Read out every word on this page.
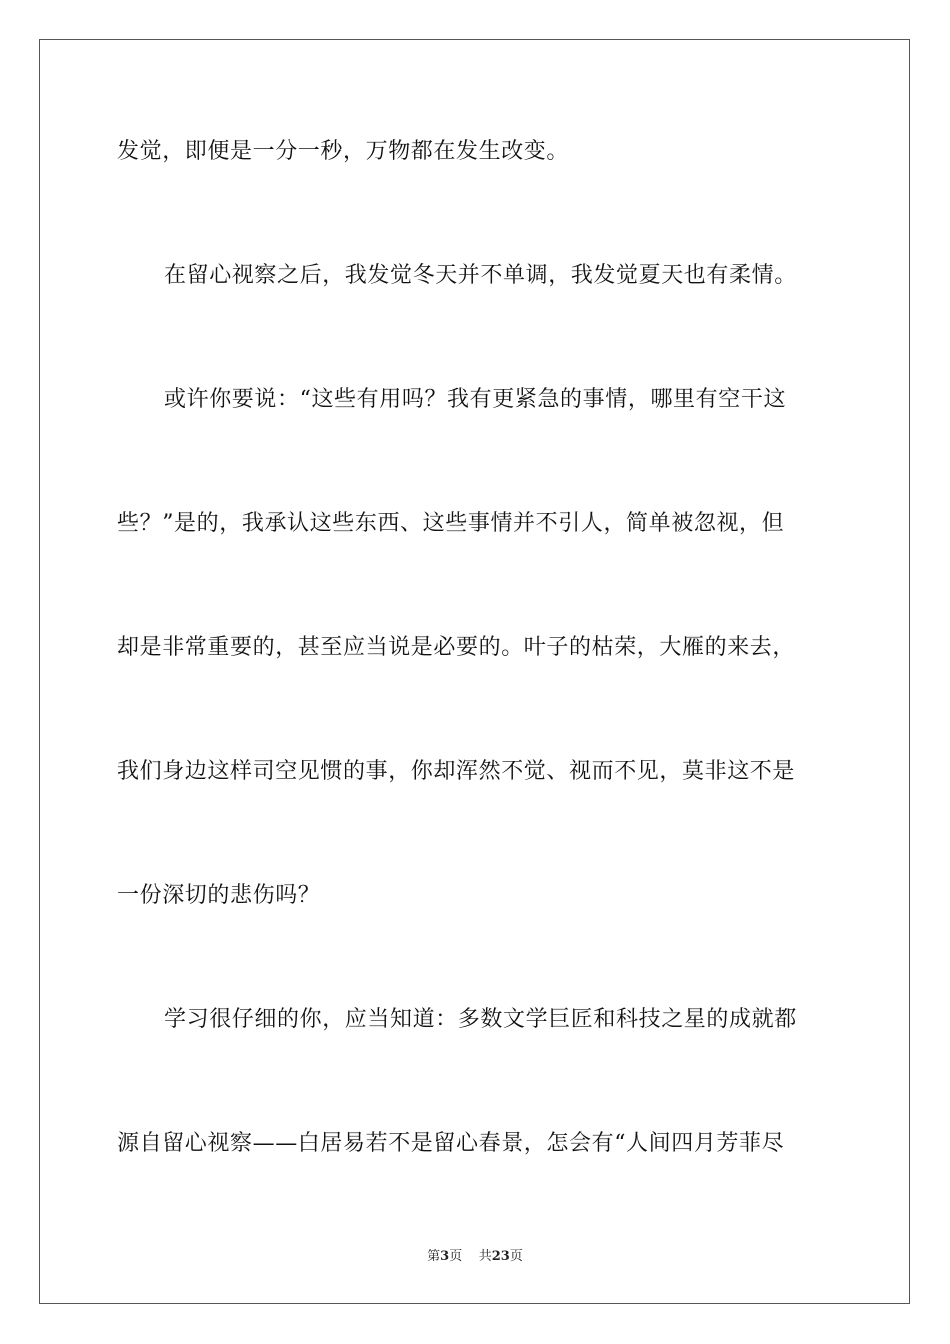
发觉，即便是一分一秒，万物都在发生改变。
在留心视察之后，我发觉冬天并不单调，我发觉夏天也有柔情。
或许你要说：“这些有用吗？我有更紧急的事情，哪里有空干这
些？”是的，我承认这些东西、这些事情并不引人，简单被忽视，但
却是非常重要的，甚至应当说是必要的。叶子的枯荣，大雁的来去，
我们身边这样司空见惯的事，你却浑然不觉、视而不见，莫非这不是
一份深切的悲伤吗？
学习很仔细的你，应当知道：多数文学巨匠和科技之星的成就都
源自留心视察——白居易若不是留心春景，怎会有“人间四月芳菲尽
第3页 共23页
